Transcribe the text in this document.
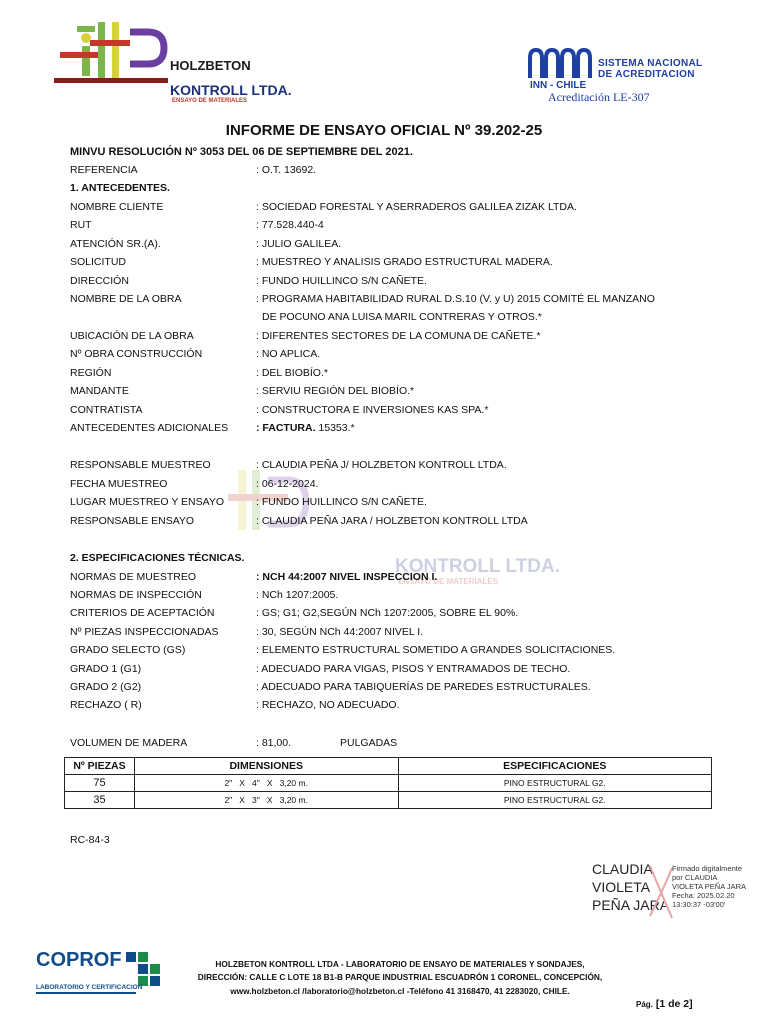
HOLZBETON
KONTROLL LTDA.
ENSAYO DE MATERIALES
SISTEMA NACIONAL
DE ACREDITACION
INN - CHILE
Acreditación LE-307
INFORME DE ENSAYO OFICIAL Nº 39.202-25
MINVU RESOLUCIÓN Nº 3053 DEL 06 DE SEPTIEMBRE DEL 2021.
KONTROLL LTDA.
ENSAYO DE MATERIALES
REFERENCIA	: O.T. 13692.
1. ANTECEDENTES.
NOMBRE CLIENTE	: SOCIEDAD FORESTAL Y ASERRADEROS GALILEA ZIZAK LTDA.
RUT	: 77.528.440-4
ATENCIÓN SR.(A).	: JULIO GALILEA.
SOLICITUD	: MUESTREO Y ANALISIS GRADO ESTRUCTURAL MADERA.
DIRECCIÓN	: FUNDO HUILLINCO S/N CAÑETE.
NOMBRE DE LA OBRA	: PROGRAMA HABITABILIDAD RURAL D.S.10 (V. y U) 2015 COMITÉ EL MANZANO
DE POCUNO ANA LUISA MARIL CONTRERAS Y OTROS.*
UBICACIÓN DE LA OBRA	: DIFERENTES SECTORES DE LA COMUNA DE CAÑETE.*
Nº OBRA CONSTRUCCIÓN	: NO APLICA.
REGIÓN	: DEL BIOBÍO.*
MANDANTE	: SERVIU REGIÓN DEL BIOBÍO.*
CONTRATISTA	: CONSTRUCTORA E INVERSIONES KAS SPA.*
ANTECEDENTES ADICIONALES	: FACTURA. 15353.*
RESPONSABLE MUESTREO	: CLAUDIA PEÑA J/ HOLZBETON KONTROLL LTDA.
FECHA MUESTREO	: 06-12-2024.
LUGAR MUESTREO Y ENSAYO	: FUNDO HUILLINCO S/N CAÑETE.
RESPONSABLE ENSAYO	: CLAUDIA PEÑA JARA / HOLZBETON KONTROLL LTDA
2. ESPECIFICACIONES TÉCNICAS.
NORMAS DE MUESTREO	: NCH 44:2007 NIVEL INSPECCION I.
NORMAS DE INSPECCIÓN	: NCh 1207:2005.
CRITERIOS DE ACEPTACIÓN	: GS; G1; G2,SEGÚN NCh 1207:2005, SOBRE EL 90%.
Nº PIEZAS INSPECCIONADAS	: 30, SEGÚN NCh 44:2007 NIVEL I.
GRADO SELECTO (GS)	: ELEMENTO ESTRUCTURAL SOMETIDO A GRANDES SOLICITACIONES.
GRADO 1 (G1)	: ADECUADO PARA VIGAS, PISOS Y ENTRAMADOS DE TECHO.
GRADO 2 (G2)	: ADECUADO PARA TABIQUERÍAS DE PAREDES ESTRUCTURALES.
RECHAZO ( R)	: RECHAZO, NO ADECUADO.
VOLUMEN DE MADERA	: 81,00.	PULGADAS
Nº PIEZAS	DIMENSIONES	ESPECIFICACIONES
75	2"   X   4"   X   3,20 m.	PINO ESTRUCTURAL G2.
35	2"   X   3"   X   3,20 m.	PINO ESTRUCTURAL G2.
RC-84-3
CLAUDIA
VIOLETA
PEÑA JARA
Firmado digitalmente
por CLAUDIA
VIOLETA PEÑA JARA
Fecha: 2025.02.20
13:30:37 -03'00'
COPROF
LABORATORIO Y CERTIFICACION
HOLZBETON KONTROLL LTDA - LABORATORIO DE ENSAYO DE MATERIALES Y SONDAJES,
DIRECCIÓN: CALLE C LOTE 18 B1-B PARQUE INDUSTRIAL ESCUADRÓN 1 CORONEL, CONCEPCIÓN,
www.holzbeton.cl /laboratorio@holzbeton.cl -Teléfono 41 3168470, 41 2283020, CHILE.
Pág. [1 de 2]
